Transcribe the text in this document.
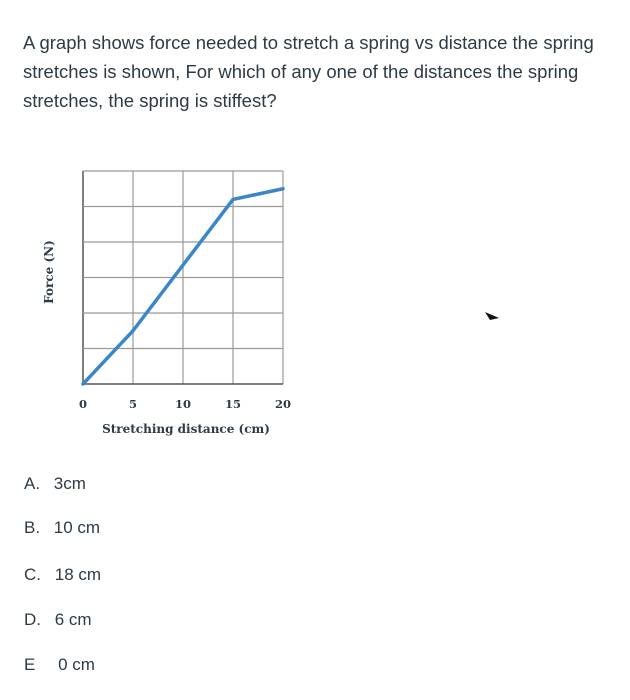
A graph shows force needed to stretch a spring vs distance the spring stretches is shown, For which of any one of the distances the spring stretches, the spring is stiffest?

0	5	10	15	20
Stretching distance (cm)
Force (N)
A. 3cm
B. 10 cm
C. 18 cm
D. 6 cm
E 0 cm
